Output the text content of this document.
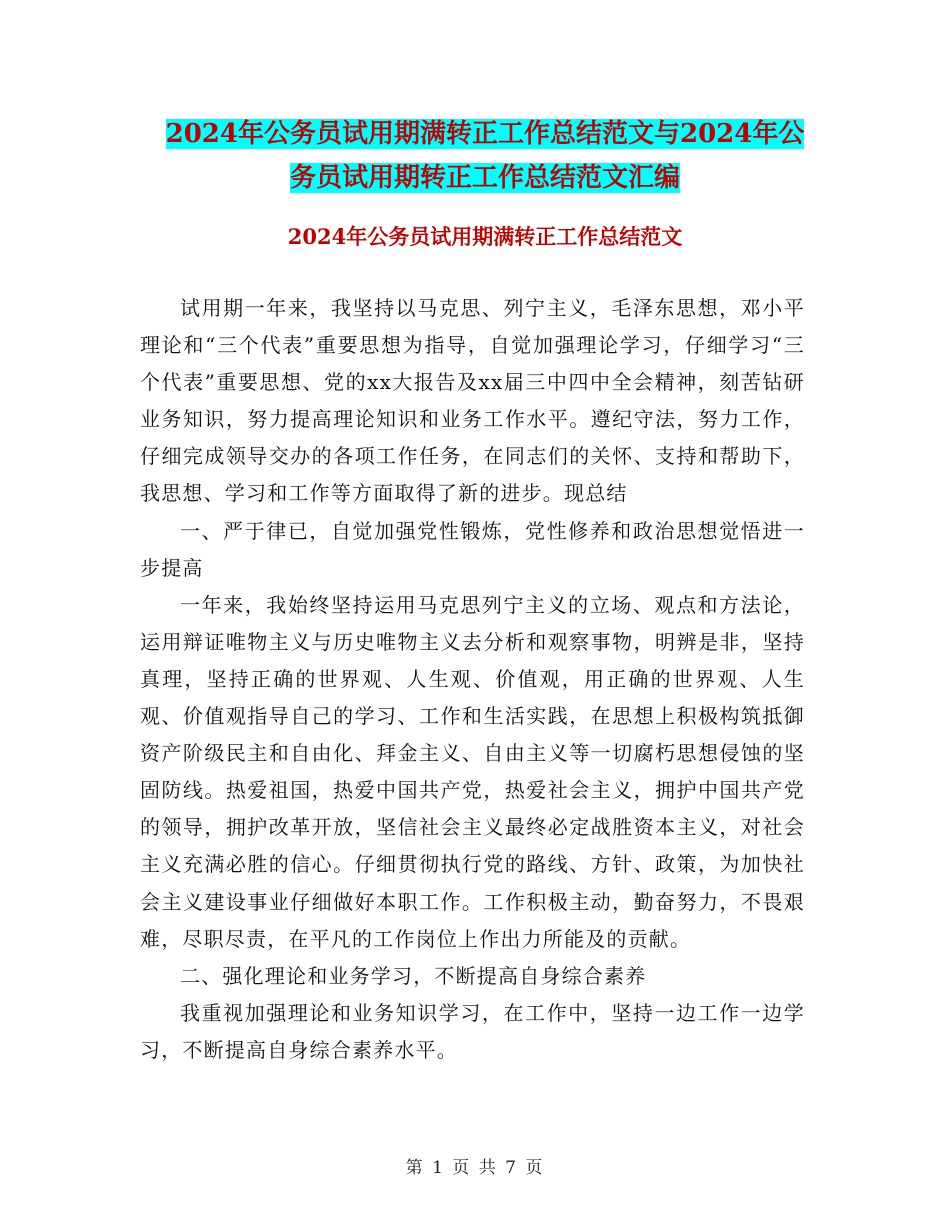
2024年公务员试用期满转正工作总结范文与2024年公
务员试用期转正工作总结范文汇编
2024年公务员试用期满转正工作总结范文

试用期一年来，我坚持以马克思、列宁主义，毛泽东思想，邓小平理论和“三个代表”重要思想为指导，自觉加强理论学习，仔细学习“三个代表”重要思想、党的xx大报告及xx届三中四中全会精神，刻苦钻研业务知识，努力提高理论知识和业务工作水平。遵纪守法，努力工作，仔细完成领导交办的各项工作任务，在同志们的关怀、支持和帮助下，我思想、学习和工作等方面取得了新的进步。现总结

一、严于律已，自觉加强党性锻炼，党性修养和政治思想觉悟进一步提高

一年来，我始终坚持运用马克思列宁主义的立场、观点和方法论，运用辩证唯物主义与历史唯物主义去分析和观察事物，明辨是非，坚持真理，坚持正确的世界观、人生观、价值观，用正确的世界观、人生观、价值观指导自己的学习、工作和生活实践，在思想上积极构筑抵御资产阶级民主和自由化、拜金主义、自由主义等一切腐朽思想侵蚀的坚固防线。热爱祖国，热爱中国共产党，热爱社会主义，拥护中国共产党的领导，拥护改革开放，坚信社会主义最终必定战胜资本主义，对社会主义充满必胜的信心。仔细贯彻执行党的路线、方针、政策，为加快社会主义建设事业仔细做好本职工作。工作积极主动，勤奋努力，不畏艰难，尽职尽责，在平凡的工作岗位上作出力所能及的贡献。

二、强化理论和业务学习，不断提高自身综合素养

我重视加强理论和业务知识学习，在工作中，坚持一边工作一边学习，不断提高自身综合素养水平。

第 1 页 共 7 页
